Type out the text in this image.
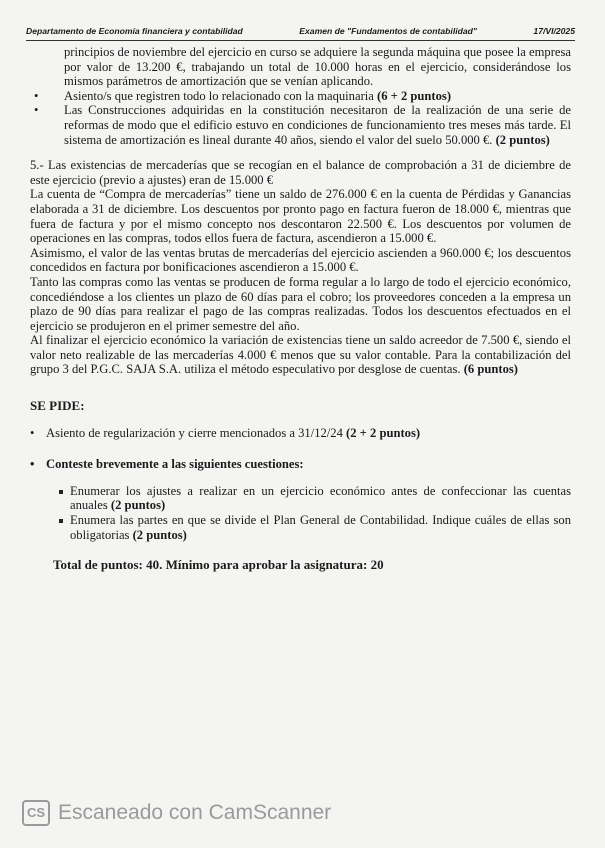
Departamento de Economía financiera y contabilidad	Examen de "Fundamentos de contabilidad"	17/VI/2025

principios de noviembre del ejercicio en curso se adquiere la segunda máquina que posee la empresa por valor de 13.200 €, trabajando un total de 10.000 horas en el ejercicio, considerándose los mismos parámetros de amortización que se venían aplicando.

• Asiento/s que registren todo lo relacionado con la maquinaria (6 + 2 puntos)
• Las Construcciones adquiridas en la constitución necesitaron de la realización de una serie de reformas de modo que el edificio estuvo en condiciones de funcionamiento tres meses más tarde. El sistema de amortización es lineal durante 40 años, siendo el valor del suelo 50.000 €. (2 puntos)

5.- Las existencias de mercaderías que se recogían en el balance de comprobación a 31 de diciembre de este ejercicio (previo a ajustes) eran de 15.000 €

La cuenta de “Compra de mercaderías” tiene un saldo de 276.000 € en la cuenta de Pérdidas y Ganancias elaborada a 31 de diciembre. Los descuentos por pronto pago en factura fueron de 18.000 €, mientras que fuera de factura y por el mismo concepto nos descontaron 22.500 €. Los descuentos por volumen de operaciones en las compras, todos ellos fuera de factura, ascendieron a 15.000 €.

Asimismo, el valor de las ventas brutas de mercaderías del ejercicio ascienden a 960.000 €; los descuentos concedidos en factura por bonificaciones ascendieron a 15.000 €.

Tanto las compras como las ventas se producen de forma regular a lo largo de todo el ejercicio económico, concediéndose a los clientes un plazo de 60 días para el cobro; los proveedores conceden a la empresa un plazo de 90 días para realizar el pago de las compras realizadas. Todos los descuentos efectuados en el ejercicio se produjeron en el primer semestre del año.

Al finalizar el ejercicio económico la variación de existencias tiene un saldo acreedor de 7.500 €, siendo el valor neto realizable de las mercaderías 4.000 € menos que su valor contable. Para la contabilización del grupo 3 del P.G.C. SAJA S.A. utiliza el método especulativo por desglose de cuentas. (6 puntos)

SE PIDE:
• Asiento de regularización y cierre mencionados a 31/12/24 (2 + 2 puntos)
• Conteste brevemente a las siguientes cuestiones:
Enumerar los ajustes a realizar en un ejercicio económico antes de confeccionar las cuentas anuales (2 puntos)
Enumera las partes en que se divide el Plan General de Contabilidad. Indique cuáles de ellas son obligatorias (2 puntos)
Total de puntos: 40. Mínimo para aprobar la asignatura: 20
CS Escaneado con CamScanner
